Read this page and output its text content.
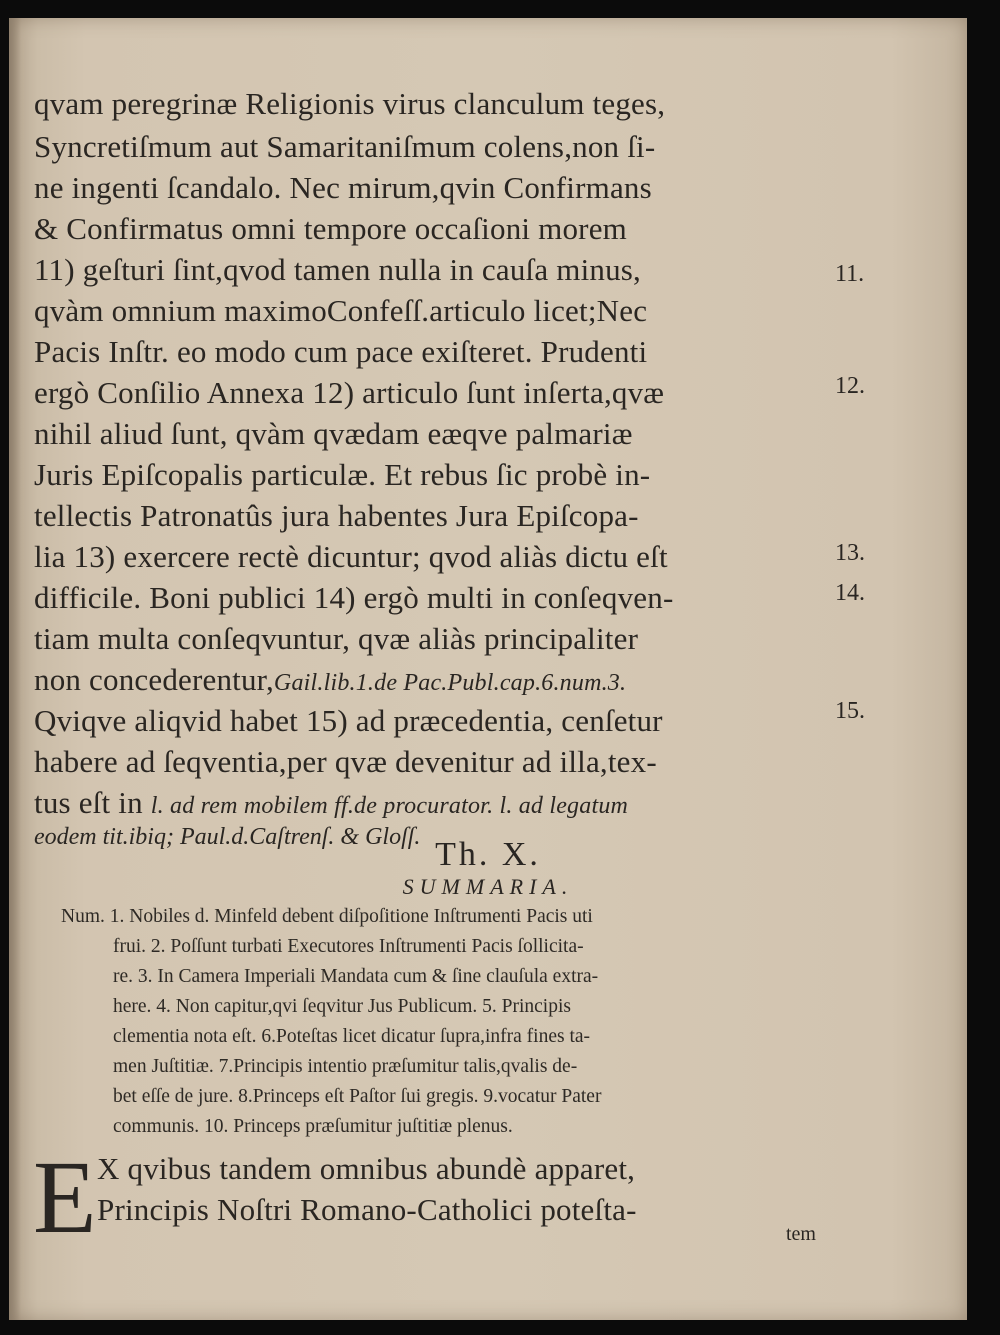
qvam peregrinæ Religionis virus clanculum teges,
Syncretiſmum aut Samaritaniſmum colens,non ſi-
ne ingenti ſcandalo. Nec mirum,qvin Confirmans
& Confirmatus omni tempore occaſioni morem
11) geſturi ſint,qvod tamen nulla in cauſa minus,
qvàm omnium maximoConfeſſ.articulo licet;Nec
Pacis Inſtr. eo modo cum pace exiſteret. Prudenti
ergò Conſilio Annexa 12) articulo ſunt inſerta,qvæ
nihil aliud ſunt, qvàm qvædam eæqve palmariæ
Juris Epiſcopalis particulæ. Et rebus ſic probè in-
tellectis Patronatûs jura habentes Jura Epiſcopa-
lia 13) exercere rectè dicuntur; qvod aliàs dictu eſt
difficile. Boni publici 14) ergò multi in conſeqven-
tiam multa conſeqvuntur, qvæ aliàs principaliter
non concederentur,Gail.lib.1.de Pac.Publ.cap.6.num.3.
Qviqve aliqvid habet 15) ad præcedentia, cenſetur
habere ad ſeqventia,per qvæ devenitur ad illa,tex-
tus eſt in l. ad rem mobilem ff.de procurator. l. ad legatum
eodem tit.ibiq; Paul.d.Caſtrenſ. & Gloſſ.
11.
12.
13.
14.
15.
Th. X.
SUMMARIA.
Num. 1. Nobiles d. Minfeld debent diſpoſitione Inſtrumenti Pacis uti
frui. 2. Poſſunt turbati Executores Inſtrumenti Pacis ſollicita-
re. 3. In Camera Imperiali Mandata cum & ſine clauſula extra-
here. 4. Non capitur,qvi ſeqvitur Jus Publicum. 5. Principis
clementia nota eſt. 6.Poteſtas licet dicatur ſupra,infra fines ta-
men Juſtitiæ. 7.Principis intentio præſumitur talis,qvalis de-
bet eſſe de jure. 8.Princeps eſt Paſtor ſui gregis. 9.vocatur Pater
communis. 10. Princeps præſumitur juſtitiæ plenus.
E X qvibus tandem omnibus abundè apparet,
Principis Noſtri Romano-Catholici poteſta-
tem
